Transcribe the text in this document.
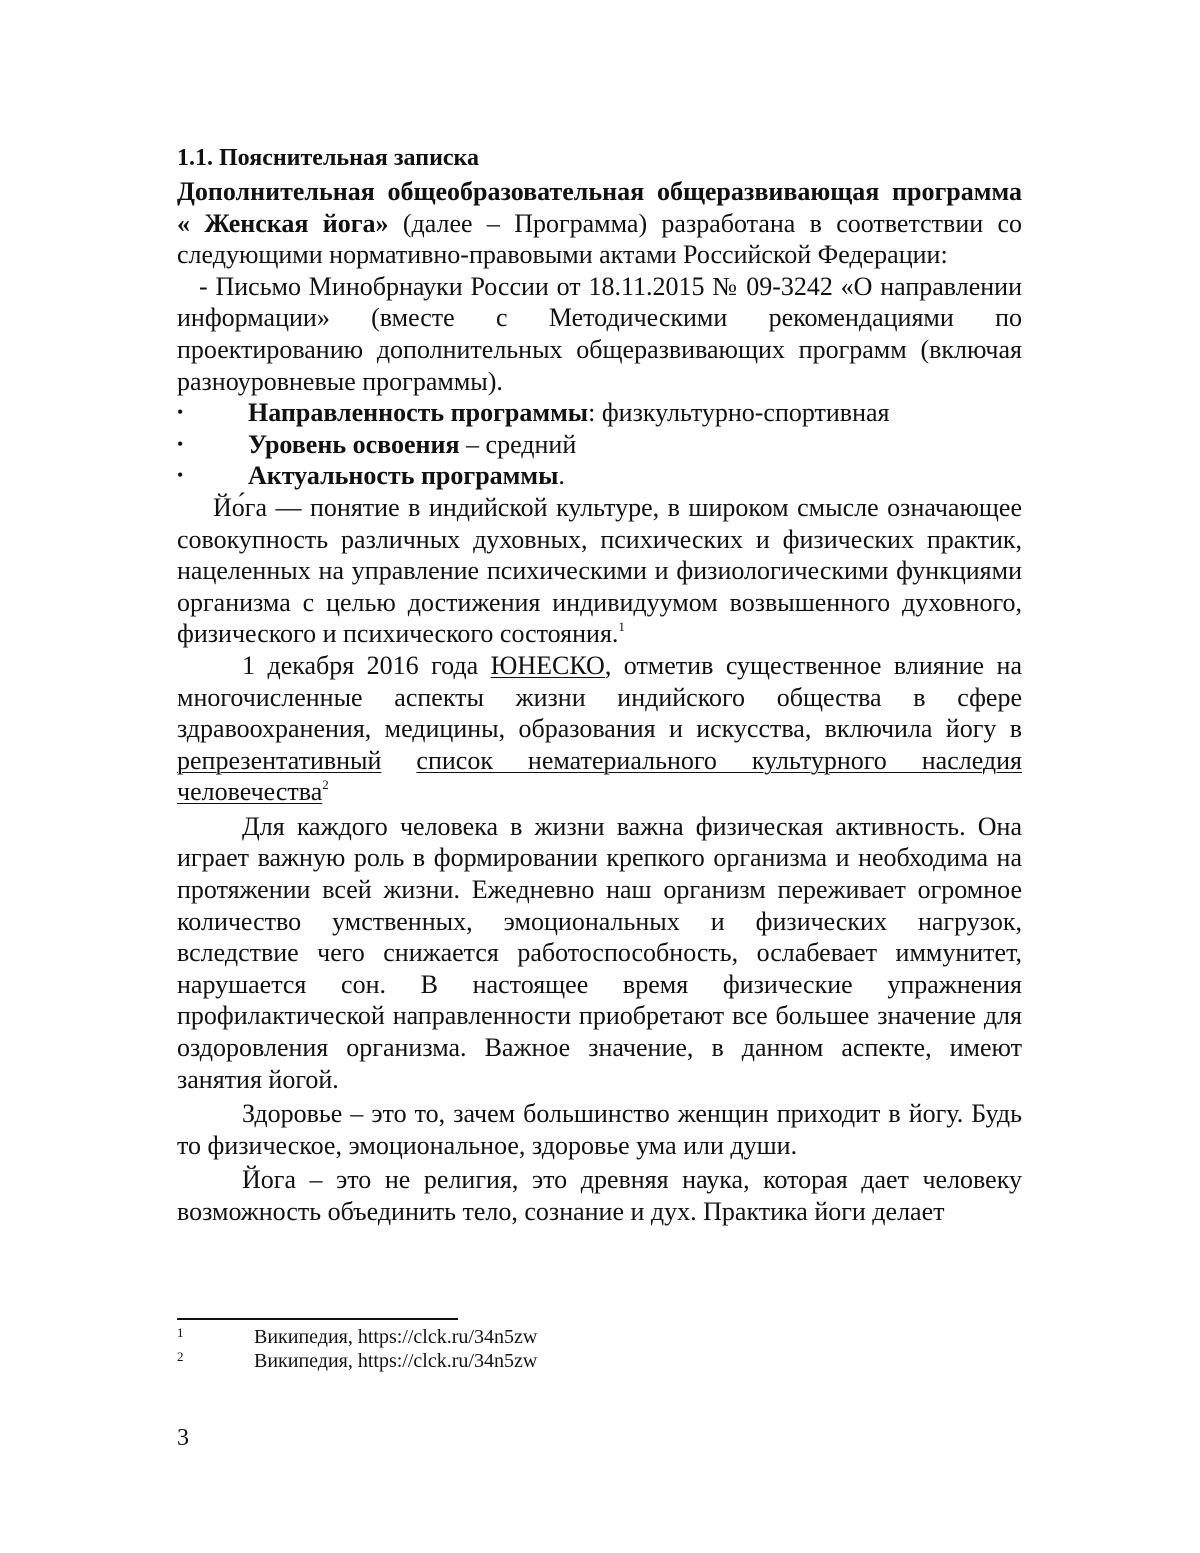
1.1. Пояснительная записка

Дополнительная общеобразовательная общеразвивающая программа « Женская йога» (далее – Программа) разработана в соответствии со следующими нормативно-правовыми актами Российской Федерации:

- Письмо Минобрнауки России от 18.11.2015 № 09-3242 «О направлении информации» (вместе с Методическими рекомендациями по проектированию дополнительных общеразвивающих программ (включая разноуровневые программы).

• Направленность программы: физкультурно-спортивная
• Уровень освоения – средний
• Актуальность программы.

Йо́га — понятие в индийской культуре, в широком смысле означающее совокупность различных духовных, психических и физических практик, нацеленных на управление психическими и физиологическими функциями организма с целью достижения индивидуумом возвышенного духовного, физического и психического состояния.$^1$

1 декабря 2016 года ЮНЕСКО, отметив существенное влияние на многочисленные аспекты жизни индийского общества в сфере здравоохранения, медицины, образования и искусства, включила йогу в репрезентативный список нематериального культурного наследия человечества$^2$

Для каждого человека в жизни важна физическая активность. Она играет важную роль в формировании крепкого организма и необходима на протяжении всей жизни. Ежедневно наш организм переживает огромное количество умственных, эмоциональных и физических нагрузок, вследствие чего снижается работоспособность, ослабевает иммунитет, нарушается сон. В настоящее время физические упражнения профилактической направленности приобретают все большее значение для оздоровления организма. Важное значение, в данном аспекте, имеют занятия йогой.

Здоровье – это то, зачем большинство женщин приходит в йогу. Будь то физическое, эмоциональное, здоровье ума или души.

Йога – это не религия, это древняя наука, которая дает человеку возможность объединить тело, сознание и дух. Практика йоги делает

1	Википедия, https://clck.ru/34n5zw
2	Википедия, https://clck.ru/34n5zw
3
